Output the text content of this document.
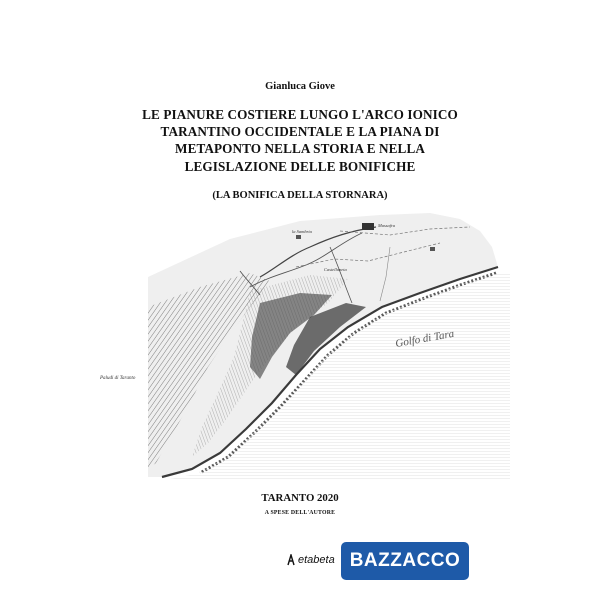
Gianluca Giove
LE PIANURE COSTIERE LUNGO L'ARCO IONICO
TARANTINO OCCIDENTALE E LA PIANA DI
METAPONTO NELLA STORIA E NELLA
LEGISLAZIONE DELLE BONIFICHE
(LA BONIFICA DELLA STORNARA)
Golfo di Tara
Paludi di Taranto
la Sambria
Castellaneta
Massafra
TARANTO 2020
A SPESE DELL'AUTORE
etabeta BAZZACCO
